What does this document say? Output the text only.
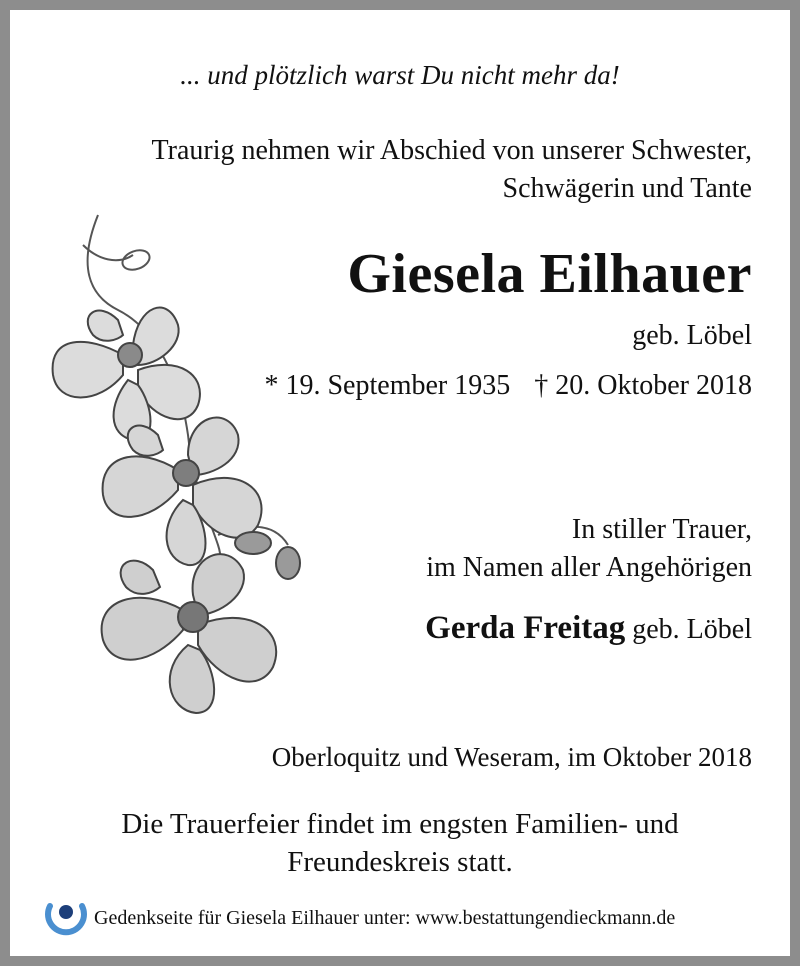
... und plötzlich warst Du nicht mehr da!
Traurig nehmen wir Abschied von unserer Schwester,
Schwägerin und Tante
Giesela Eilhauer
geb. Löbel
* 19. September 1935 † 20. Oktober 2018
In stiller Trauer,
im Namen aller Angehörigen
Gerda Freitag geb. Löbel
Oberloquitz und Weseram, im Oktober 2018
Die Trauerfeier findet im engsten Familien- und
Freundeskreis statt.
Gedenkseite für Giesela Eilhauer unter: www.bestattungendieckmann.de
